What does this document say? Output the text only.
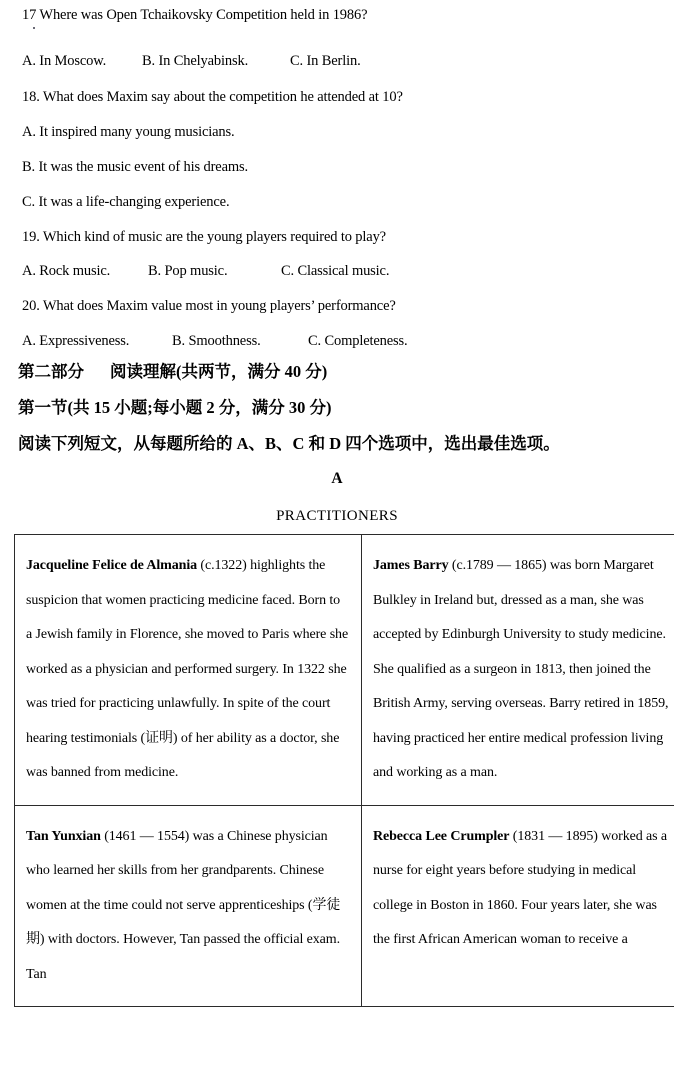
17 Where was Open Tchaikovsky Competition held in 1986?
A. In Moscow. B. In Chelyabinsk.	C. In Berlin.
18. What does Maxim say about the competition he attended at 10?
A. It inspired many young musicians.
B. It was the music event of his dreams.
C. It was a life-changing experience.
19. Which kind of music are the young players required to play?
A. Rock music.	B. Pop music.	C. Classical music.
20. What does Maxim value most in young players’ performance?
A. Expressiveness.	B. Smoothness.	C. Completeness.
第二部分 阅读理解(共两节，满分 40 分)
第一节(共 15 小题;每小题 2 分，满分 30 分)
阅读下列短文，从每题所给的 A、B、C 和 D 四个选项中，选出最佳选项。
A
PRACTITIONERS
Jacqueline Felice de Almania (c.1322) highlights the suspicion that women practicing medicine faced. Born to a Jewish family in Florence, she moved to Paris where she worked as a physician and performed surgery. In 1322 she was tried for practicing unlawfully. In spite of the court hearing testimonials (证明) of her ability as a doctor, she was banned from medicine.	James Barry (c.1789 — 1865) was born Margaret Bulkley in Ireland but, dressed as a man, she was accepted by Edinburgh University to study medicine. She qualified as a surgeon in 1813, then joined the British Army, serving overseas. Barry retired in 1859, having practiced her entire medical profession living and working as a man.
Tan Yunxian (1461 — 1554) was a Chinese physician who learned her skills from her grandparents. Chinese women at the time could not serve apprenticeships (学徒期) with doctors. However, Tan passed the official exam. Tan	Rebecca Lee Crumpler (1831 — 1895) worked as a nurse for eight years before studying in medical college in Boston in 1860. Four years later, she was the first African American woman to receive a
